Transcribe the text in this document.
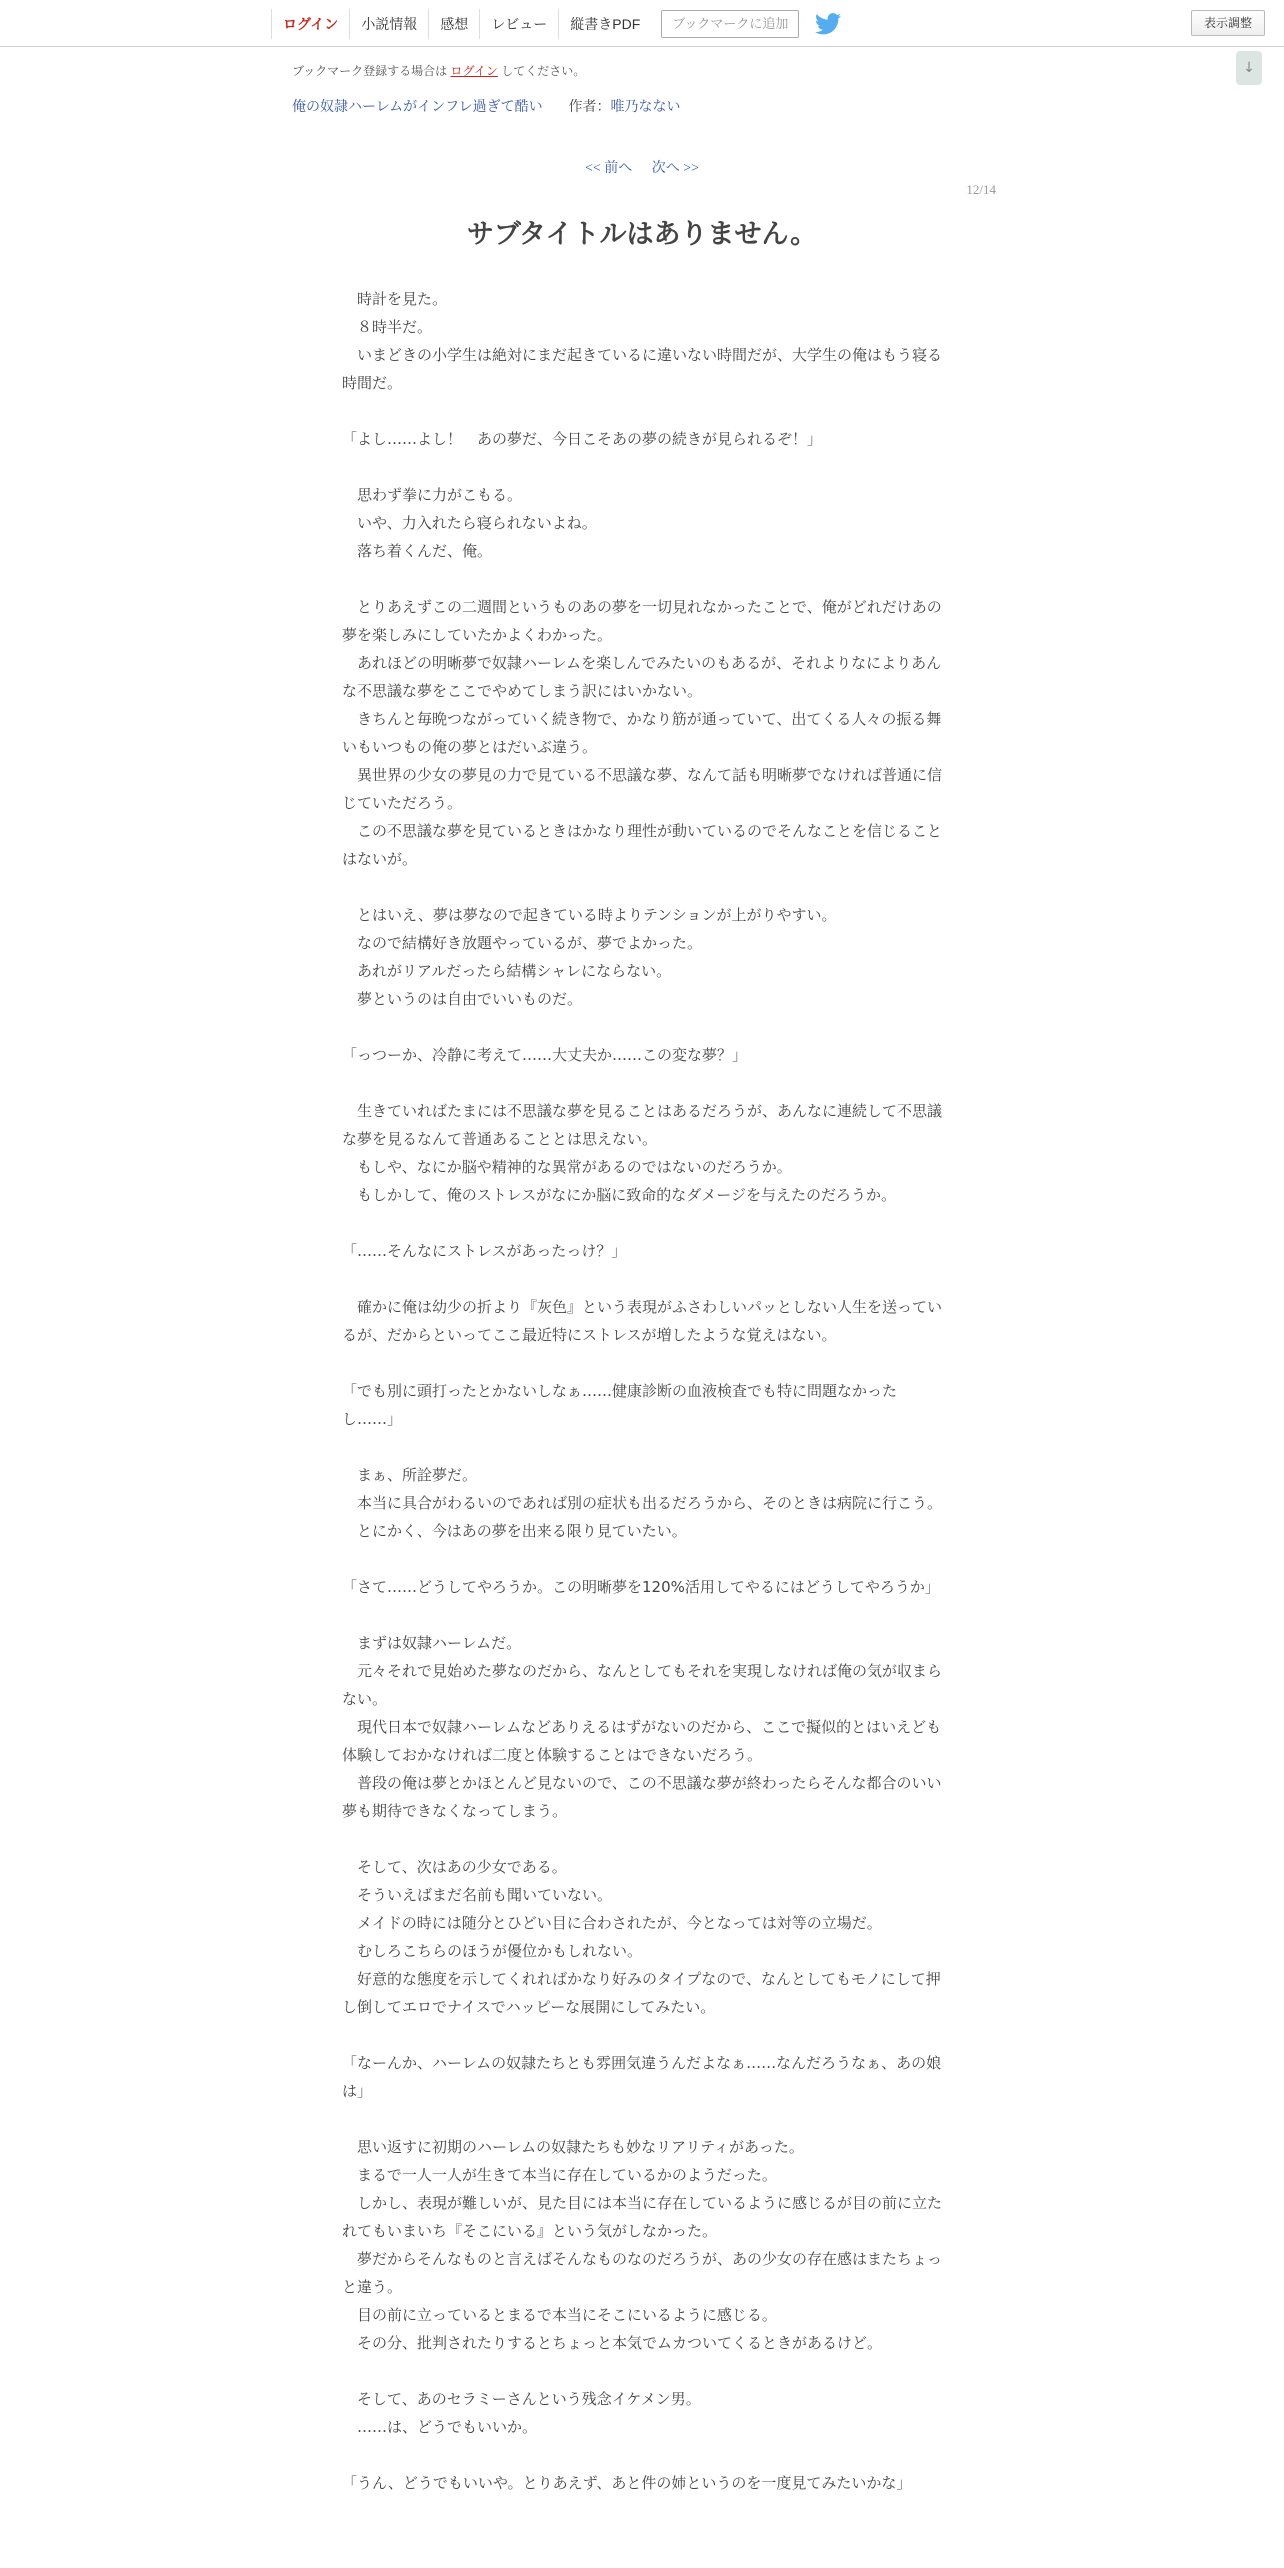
ログイン	小説情報	感想	レビュー	縦書きPDF	ブックマークに追加	表示調整
↓
ブックマーク登録する場合は ログイン してください。
俺の奴隷ハーレムがインフレ過ぎて酷い 作者：唯乃なない
<< 前へ 次へ >>
12/14
サブタイトルはありません。

　時計を見た。

　８時半だ。

　いまどきの小学生は絶対にまだ起きているに違いない時間だが、大学生の俺はもう寝る時間だ。

「よし……よし！　あの夢だ、今日こそあの夢の続きが見られるぞ！」

　思わず拳に力がこもる。

　いや、力入れたら寝られないよね。

　落ち着くんだ、俺。

　とりあえずこの二週間というものあの夢を一切見れなかったことで、俺がどれだけあの夢を楽しみにしていたかよくわかった。

　あれほどの明晰夢で奴隷ハーレムを楽しんでみたいのもあるが、それよりなによりあんな不思議な夢をここでやめてしまう訳にはいかない。

　きちんと毎晩つながっていく続き物で、かなり筋が通っていて、出てくる人々の振る舞いもいつもの俺の夢とはだいぶ違う。

　異世界の少女の夢見の力で見ている不思議な夢、なんて話も明晰夢でなければ普通に信じていただろう。

　この不思議な夢を見ているときはかなり理性が動いているのでそんなことを信じることはないが。

　とはいえ、夢は夢なので起きている時よりテンションが上がりやすい。

　なので結構好き放題やっているが、夢でよかった。

　あれがリアルだったら結構シャレにならない。

　夢というのは自由でいいものだ。

「っつーか、冷静に考えて……大丈夫か……この変な夢？」

　生きていればたまには不思議な夢を見ることはあるだろうが、あんなに連続して不思議な夢を見るなんて普通あることとは思えない。

　もしや、なにか脳や精神的な異常があるのではないのだろうか。

　もしかして、俺のストレスがなにか脳に致命的なダメージを与えたのだろうか。

「……そんなにストレスがあったっけ？」

　確かに俺は幼少の折より『灰色』という表現がふさわしいパッとしない人生を送っているが、だからといってここ最近特にストレスが増したような覚えはない。

「でも別に頭打ったとかないしなぁ……健康診断の血液検査でも特に問題なかったし……」

　まぁ、所詮夢だ。

　本当に具合がわるいのであれば別の症状も出るだろうから、そのときは病院に行こう。

　とにかく、今はあの夢を出来る限り見ていたい。

「さて……どうしてやろうか。この明晰夢を120%活用してやるにはどうしてやろうか」

　まずは奴隷ハーレムだ。

　元々それで見始めた夢なのだから、なんとしてもそれを実現しなければ俺の気が収まらない。

　現代日本で奴隷ハーレムなどありえるはずがないのだから、ここで擬似的とはいえども体験しておかなければ二度と体験することはできないだろう。

　普段の俺は夢とかほとんど見ないので、この不思議な夢が終わったらそんな都合のいい夢も期待できなくなってしまう。

　そして、次はあの少女である。

　そういえばまだ名前も聞いていない。

　メイドの時には随分とひどい目に合わされたが、今となっては対等の立場だ。

　むしろこちらのほうが優位かもしれない。

　好意的な態度を示してくれればかなり好みのタイプなので、なんとしてもモノにして押し倒してエロでナイスでハッピーな展開にしてみたい。

「なーんか、ハーレムの奴隷たちとも雰囲気違うんだよなぁ……なんだろうなぁ、あの娘は」

　思い返すに初期のハーレムの奴隷たちも妙なリアリティがあった。

　まるで一人一人が生きて本当に存在しているかのようだった。

　しかし、表現が難しいが、見た目には本当に存在しているように感じるが目の前に立たれてもいまいち『そこにいる』という気がしなかった。

　夢だからそんなものと言えばそんなものなのだろうが、あの少女の存在感はまたちょっと違う。

　目の前に立っているとまるで本当にそこにいるように感じる。

　その分、批判されたりするとちょっと本気でムカついてくるときがあるけど。

　そして、あのセラミーさんという残念イケメン男。

　……は、どうでもいいか。

「うん、どうでもいいや。とりあえず、あと件の姉というのを一度見てみたいかな」
